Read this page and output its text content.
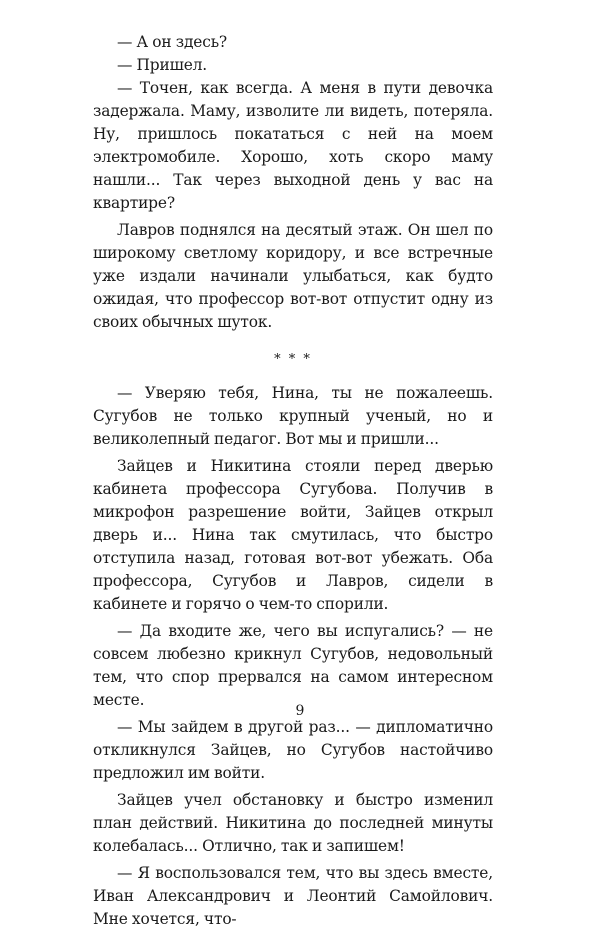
— А он здесь?

— Пришел.

— Точен, как всегда. А меня в пути девочка задержала. Маму, изволите ли видеть, потеряла. Ну, пришлось покататься с ней на моем электромобиле. Хорошо, хоть скоро маму нашли... Так через выходной день у вас на квартире?

Лавров поднялся на десятый этаж. Он шел по широкому светлому коридору, и все встречные уже издали начинали улыбаться, как будто ожидая, что профессор вот-вот отпустит одну из своих обычных шуток.

* * *

— Уверяю тебя, Нина, ты не пожалеешь. Сугубов не только крупный ученый, но и великолепный педагог. Вот мы и пришли...

Зайцев и Никитина стояли перед дверью кабинета профессора Сугубова. Получив в микрофон разрешение войти, Зайцев открыл дверь и... Нина так смутилась, что быстро отступила назад, готовая вот-вот убежать. Оба профессора, Сугубов и Лавров, сидели в кабинете и горячо о чем-то спорили.

— Да входите же, чего вы испугались? — не совсем любезно крикнул Сугубов, недовольный тем, что спор прервался на самом интересном месте.

— Мы зайдем в другой раз... — дипломатично откликнулся Зайцев, но Сугубов настойчиво предложил им войти.

Зайцев учел обстановку и быстро изменил план действий. Никитина до последней минуты колебалась... Отлично, так и запишем!

— Я воспользовался тем, что вы здесь вместе, Иван Александрович и Леонтий Самойлович. Мне хочется, что-

9
